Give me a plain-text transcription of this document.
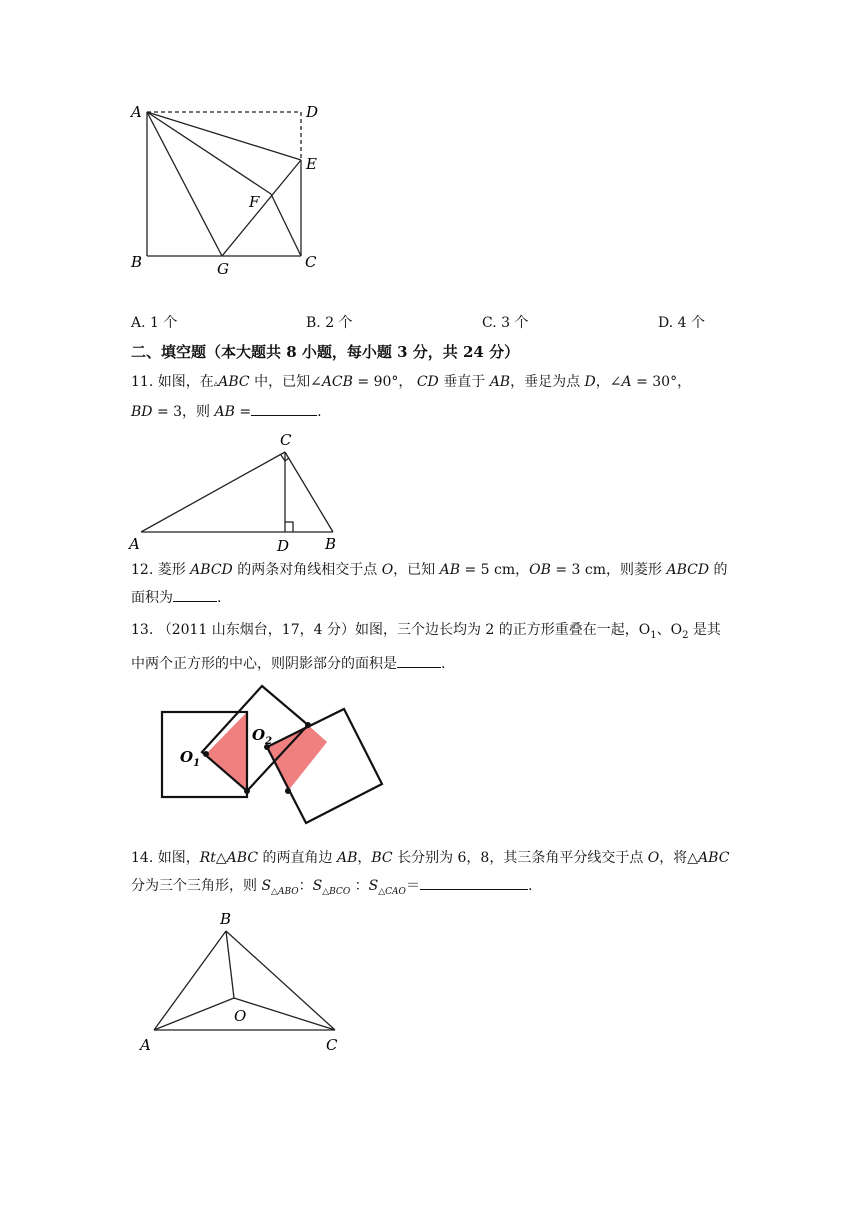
A	D
E
F
B	G	C
A. 1 个	B. 2 个	C. 3 个	D. 4 个
二、填空题（本大题共 8 小题，每小题 3 分，共 24 分）
11. 如图，在▵ABC 中，已知∠ACB = 90°， CD 垂直于 AB，垂足为点 D，∠A = 30°，
BD = 3，则 AB =	.
C
A	D B
12. 菱形 ABCD 的两条对角线相交于点 O，已知 AB = 5 cm，OB = 3 cm，则菱形 ABCD 的
面积为	.
13. （2011 山东烟台，17，4 分）如图，三个边长均为 2 的正方形重叠在一起，$O_1$、$O_2$ 是其
中两个正方形的中心，则阴影部分的面积是	.
$O_1$
$O_2$
14. 如图，Rt△ABC 的两直角边 AB，BC 长分别为 6，8，其三条角平分线交于点 O，将△ABC
分为三个三角形，则 $S_{\triangle ABO}$：$S_{\triangle BCO}$ ：$S_{\triangle CAO}=$	.
B
O
A	C
